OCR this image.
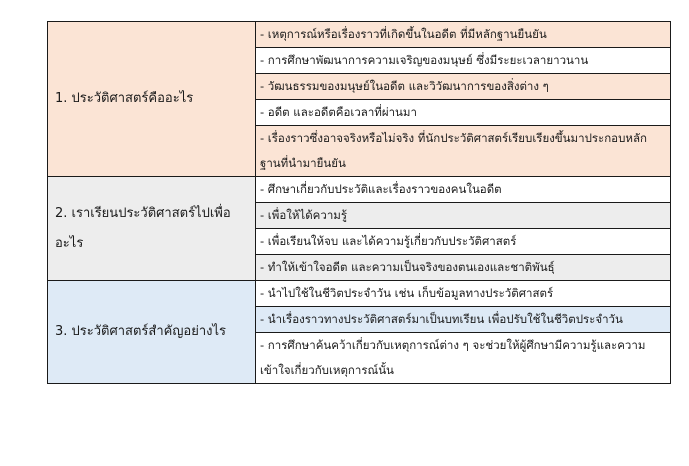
1. ประวัติศาสตร์คืออะไร	- เหตุการณ์หรือเรื่องราวที่เกิดขึ้นในอดีต ที่มีหลักฐานยืนยัน
	- การศึกษาพัฒนาการความเจริญของมนุษย์ ซึ่งมีระยะเวลายาวนาน
	- วัฒนธรรมของมนุษย์ในอดีต และวิวัฒนาการของสิ่งต่าง ๆ
	- อดีต และอดีตคือเวลาที่ผ่านมา
	- เรื่องราวซึ่งอาจจริงหรือไม่จริง ที่นักประวัติศาสตร์เรียบเรียงขึ้นมาประกอบหลักฐานที่นำมายืนยัน
2. เราเรียนประวัติศาสตร์ไปเพื่ออะไร	- ศึกษาเกี่ยวกับประวัติและเรื่องราวของคนในอดีต
	- เพื่อให้ได้ความรู้
	- เพื่อเรียนให้จบ และได้ความรู้เกี่ยวกับประวัติศาสตร์
	- ทำให้เข้าใจอดีต และความเป็นจริงของตนเองและชาติพันธุ์
3. ประวัติศาสตร์สำคัญอย่างไร	- นำไปใช้ในชีวิตประจำวัน เช่น เก็บข้อมูลทางประวัติศาสตร์
	- นำเรื่องราวทางประวัติศาสตร์มาเป็นบทเรียน เพื่อปรับใช้ในชีวิตประจำวัน
	- การศึกษาค้นคว้าเกี่ยวกับเหตุการณ์ต่าง ๆ จะช่วยให้ผู้ศึกษามีความรู้และความเข้าใจเกี่ยวกับเหตุการณ์นั้น
